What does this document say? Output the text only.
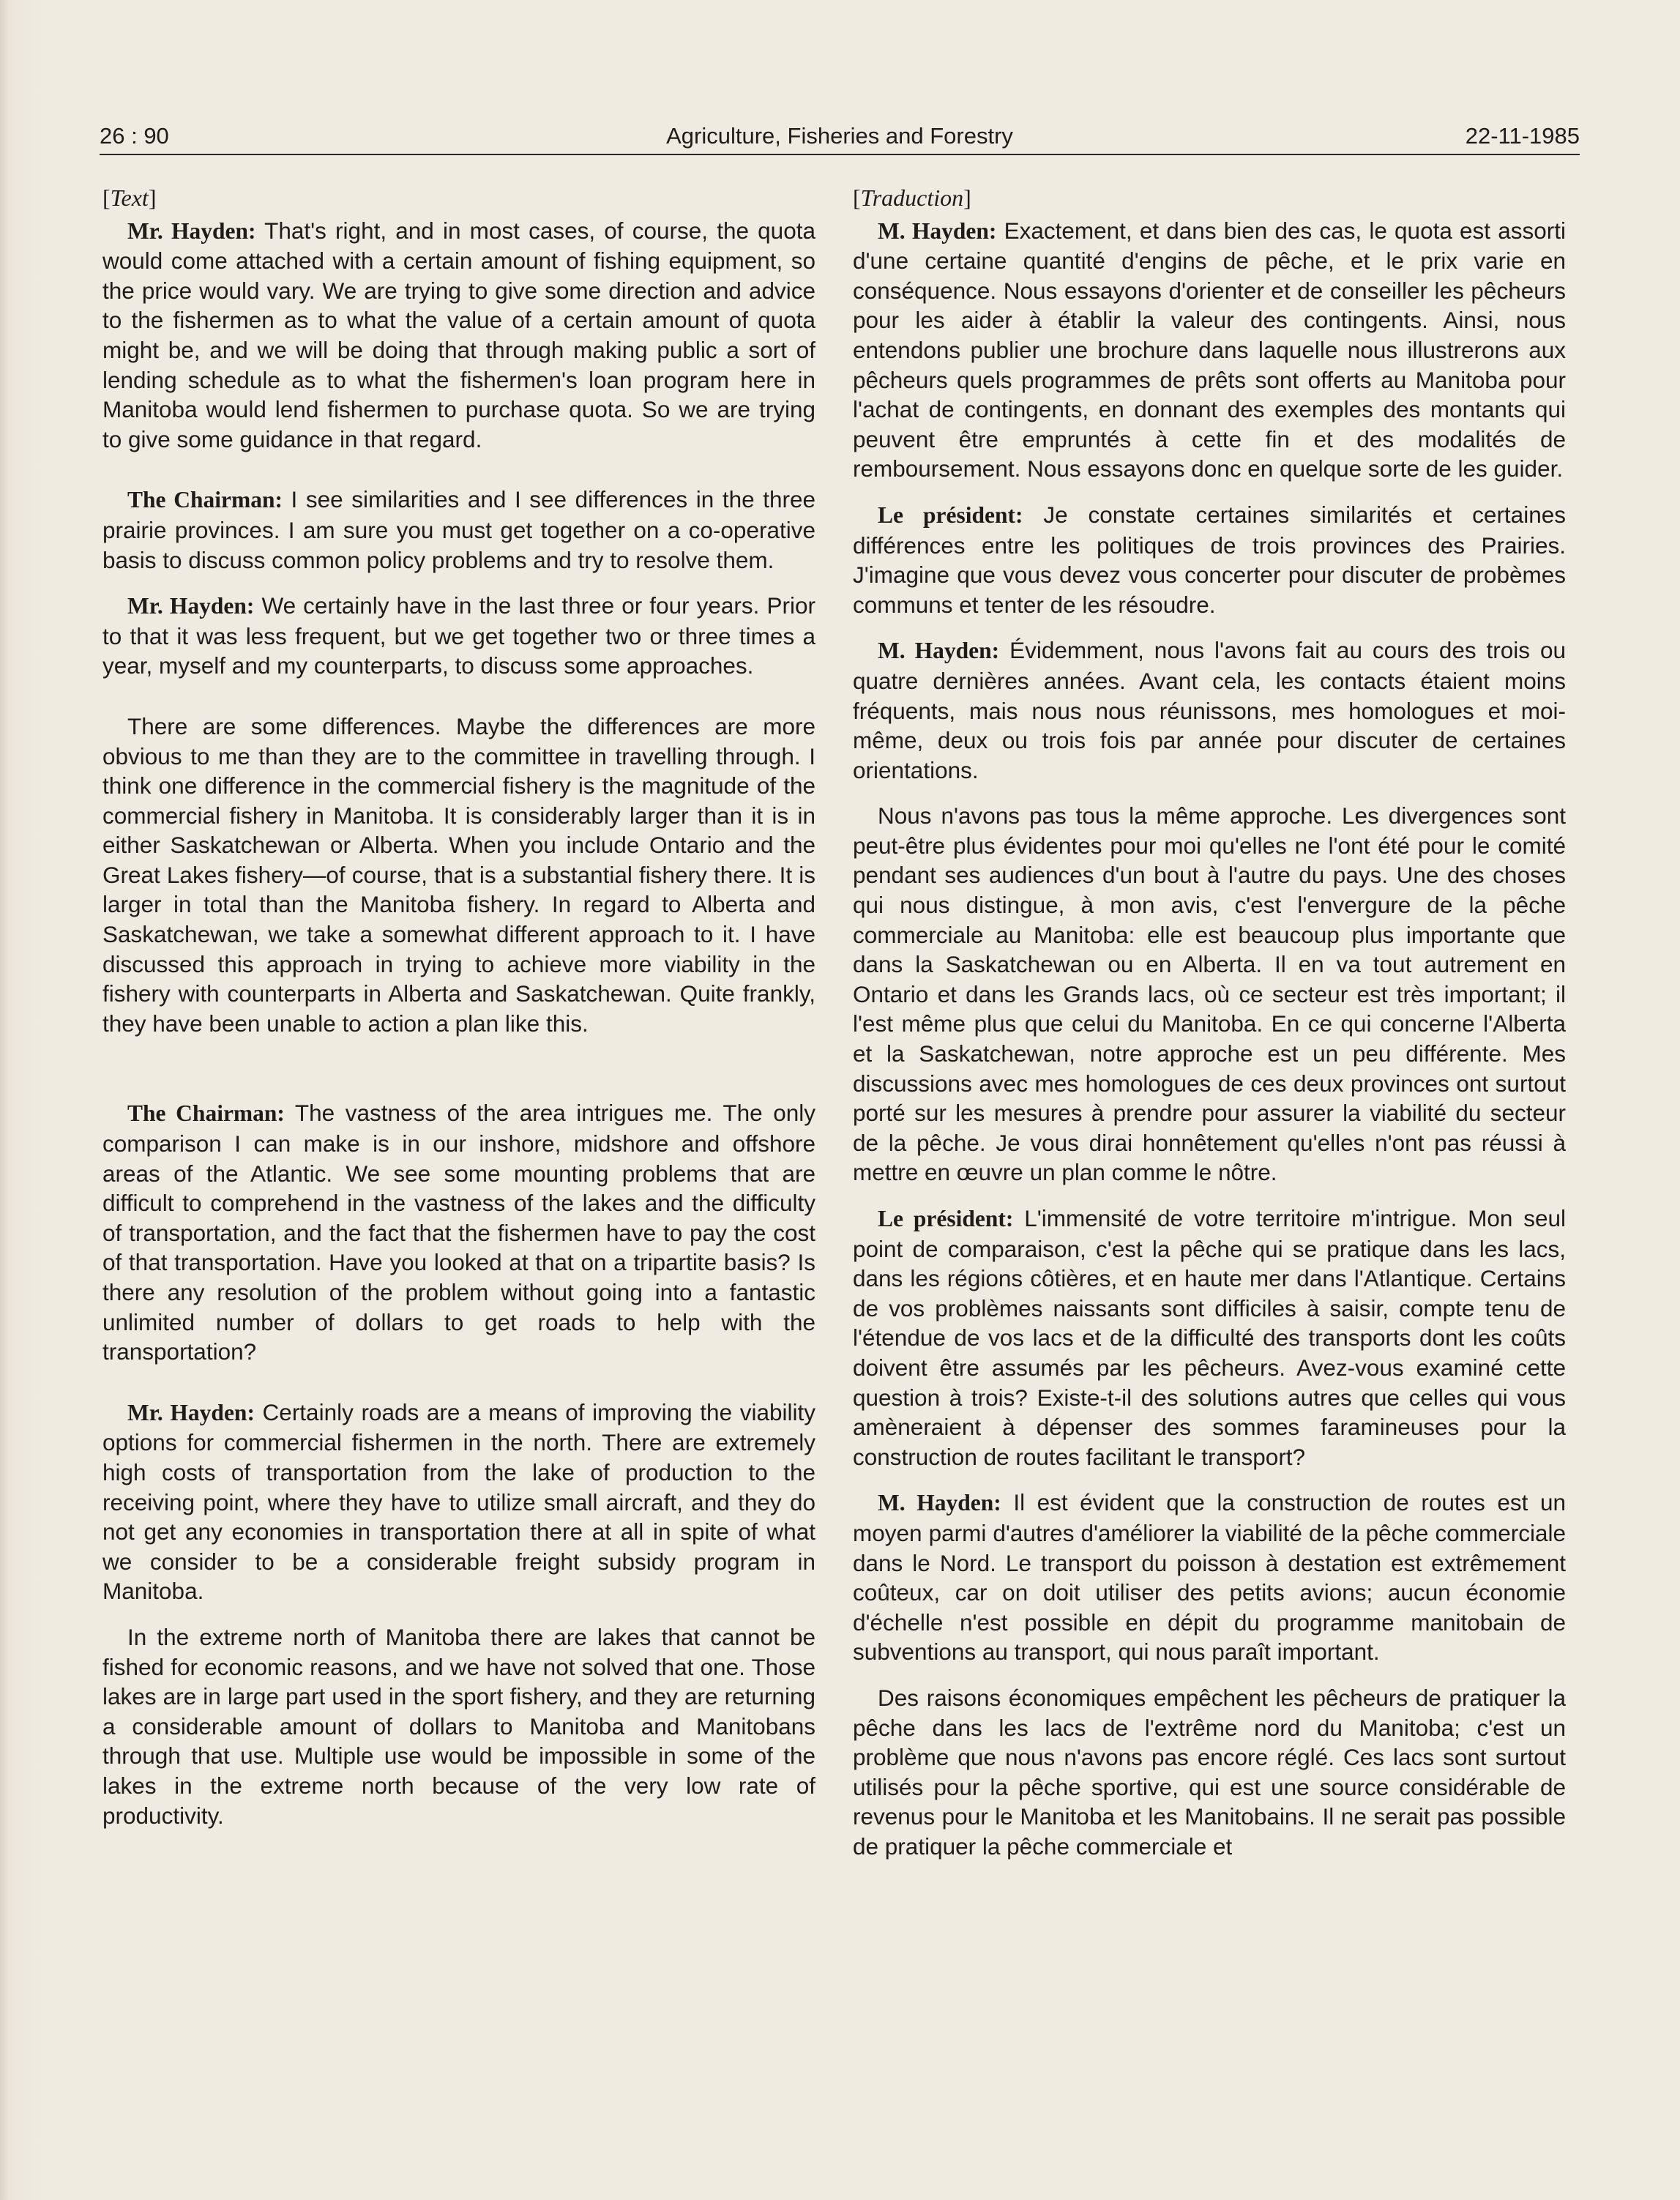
26 : 90	Agriculture, Fisheries and Forestry	22-11-1985
[Text]

Mr. Hayden: That's right, and in most cases, of course, the quota would come attached with a certain amount of fishing equipment, so the price would vary. We are trying to give some direction and advice to the fishermen as to what the value of a certain amount of quota might be, and we will be doing that through making public a sort of lending schedule as to what the fishermen's loan program here in Manitoba would lend fishermen to purchase quota. So we are trying to give some guidance in that regard.

The Chairman: I see similarities and I see differences in the three prairie provinces. I am sure you must get together on a co-operative basis to discuss common policy problems and try to resolve them.

Mr. Hayden: We certainly have in the last three or four years. Prior to that it was less frequent, but we get together two or three times a year, myself and my counterparts, to discuss some approaches.

There are some differences. Maybe the differences are more obvious to me than they are to the committee in travelling through. I think one difference in the commercial fishery is the magnitude of the commercial fishery in Manitoba. It is considerably larger than it is in either Saskatchewan or Alberta. When you include Ontario and the Great Lakes fishery—of course, that is a substantial fishery there. It is larger in total than the Manitoba fishery. In regard to Alberta and Saskatchewan, we take a somewhat different approach to it. I have discussed this approach in trying to achieve more viability in the fishery with counterparts in Alberta and Saskatchewan. Quite frankly, they have been unable to action a plan like this.

The Chairman: The vastness of the area intrigues me. The only comparison I can make is in our inshore, midshore and offshore areas of the Atlantic. We see some mounting problems that are difficult to comprehend in the vastness of the lakes and the difficulty of transportation, and the fact that the fishermen have to pay the cost of that transportation. Have you looked at that on a tripartite basis? Is there any resolution of the problem without going into a fantastic unlimited number of dollars to get roads to help with the transportation?

Mr. Hayden: Certainly roads are a means of improving the viability options for commercial fishermen in the north. There are extremely high costs of transportation from the lake of production to the receiving point, where they have to utilize small aircraft, and they do not get any economies in transportation there at all in spite of what we consider to be a considerable freight subsidy program in Manitoba.

In the extreme north of Manitoba there are lakes that cannot be fished for economic reasons, and we have not solved that one. Those lakes are in large part used in the sport fishery, and they are returning a considerable amount of dollars to Manitoba and Manitobans through that use. Multiple use would be impossible in some of the lakes in the extreme north because of the very low rate of productivity.

[Traduction]

M. Hayden: Exactement, et dans bien des cas, le quota est assorti d'une certaine quantité d'engins de pêche, et le prix varie en conséquence. Nous essayons d'orienter et de conseiller les pêcheurs pour les aider à établir la valeur des contingents. Ainsi, nous entendons publier une brochure dans laquelle nous illustrerons aux pêcheurs quels programmes de prêts sont offerts au Manitoba pour l'achat de contingents, en donnant des exemples des montants qui peuvent être empruntés à cette fin et des modalités de remboursement. Nous essayons donc en quelque sorte de les guider.

Le président: Je constate certaines similarités et certaines différences entre les politiques de trois provinces des Prairies. J'imagine que vous devez vous concerter pour discuter de probèmes communs et tenter de les résoudre.

M. Hayden: Évidemment, nous l'avons fait au cours des trois ou quatre dernières années. Avant cela, les contacts étaient moins fréquents, mais nous nous réunissons, mes homologues et moi-même, deux ou trois fois par année pour discuter de certaines orientations.

Nous n'avons pas tous la même approche. Les divergences sont peut-être plus évidentes pour moi qu'elles ne l'ont été pour le comité pendant ses audiences d'un bout à l'autre du pays. Une des choses qui nous distingue, à mon avis, c'est l'envergure de la pêche commerciale au Manitoba: elle est beaucoup plus importante que dans la Saskatchewan ou en Alberta. Il en va tout autrement en Ontario et dans les Grands lacs, où ce secteur est très important; il l'est même plus que celui du Manitoba. En ce qui concerne l'Alberta et la Saskatchewan, notre approche est un peu différente. Mes discussions avec mes homologues de ces deux provinces ont surtout porté sur les mesures à prendre pour assurer la viabilité du secteur de la pêche. Je vous dirai honnêtement qu'elles n'ont pas réussi à mettre en œuvre un plan comme le nôtre.

Le président: L'immensité de votre territoire m'intrigue. Mon seul point de comparaison, c'est la pêche qui se pratique dans les lacs, dans les régions côtières, et en haute mer dans l'Atlantique. Certains de vos problèmes naissants sont difficiles à saisir, compte tenu de l'étendue de vos lacs et de la difficulté des transports dont les coûts doivent être assumés par les pêcheurs. Avez-vous examiné cette question à trois? Existe-t-il des solutions autres que celles qui vous amèneraient à dépenser des sommes faramineuses pour la construction de routes facilitant le transport?

M. Hayden: Il est évident que la construction de routes est un moyen parmi d'autres d'améliorer la viabilité de la pêche commerciale dans le Nord. Le transport du poisson à destation est extrêmement coûteux, car on doit utiliser des petits avions; aucun économie d'échelle n'est possible en dépit du programme manitobain de subventions au transport, qui nous paraît important.

Des raisons économiques empêchent les pêcheurs de pratiquer la pêche dans les lacs de l'extrême nord du Manitoba; c'est un problème que nous n'avons pas encore réglé. Ces lacs sont surtout utilisés pour la pêche sportive, qui est une source considérable de revenus pour le Manitoba et les Manitobains. Il ne serait pas possible de pratiquer la pêche commerciale et
